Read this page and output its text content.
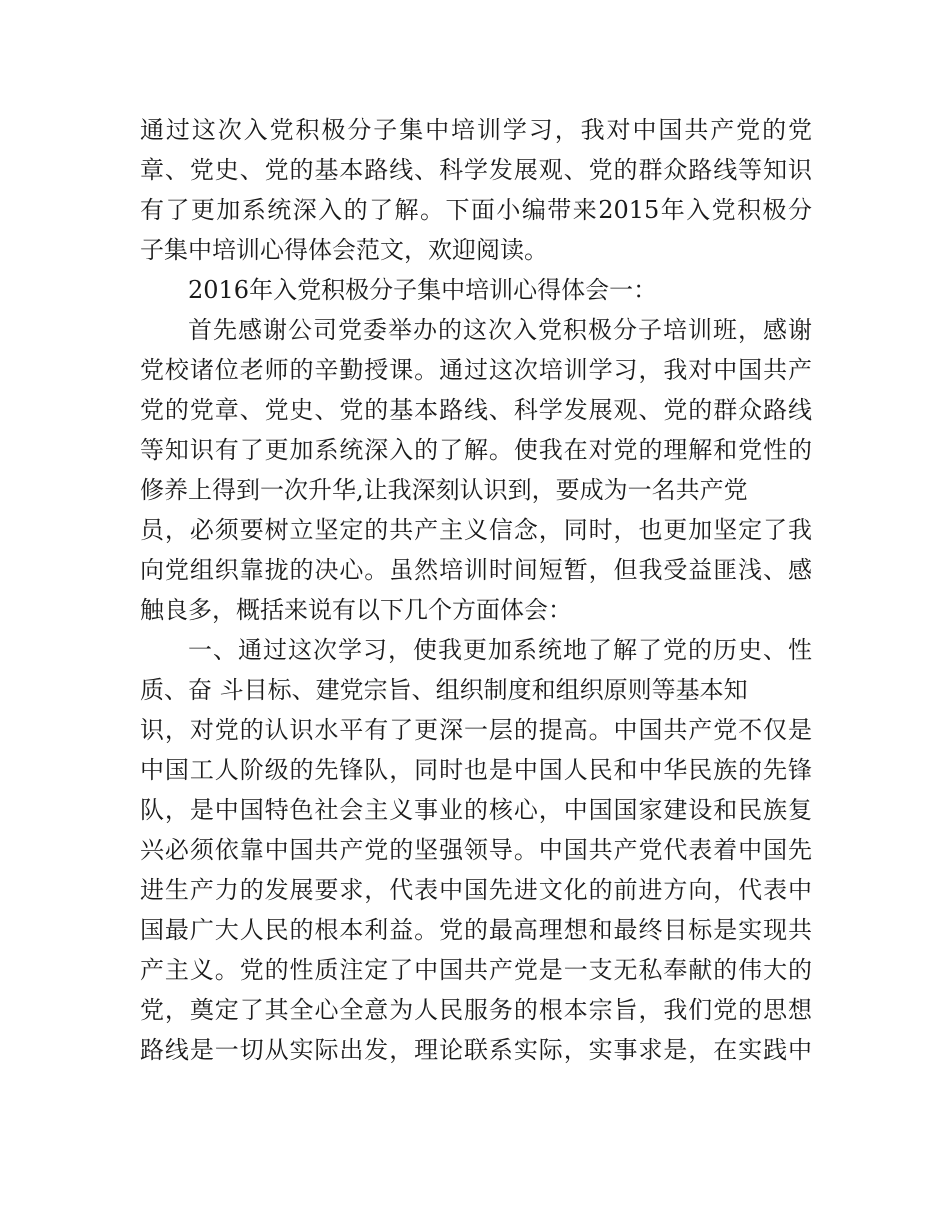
通过这次入党积极分子集中培训学习，我对中国共产党的党
章、党史、党的基本路线、科学发展观、党的群众路线等知识
有了更加系统深入的了解。下面小编带来2015年入党积极分
子集中培训心得体会范文，欢迎阅读。
2016年入党积极分子集中培训心得体会一：
首先感谢公司党委举办的这次入党积极分子培训班，感谢
党校诸位老师的辛勤授课。通过这次培训学习，我对中国共产
党的党章、党史、党的基本路线、科学发展观、党的群众路线
等知识有了更加系统深入的了解。使我在对党的理解和党性的
修养上得到一次升华,让我深刻认识到，要成为一名共产党
员，必须要树立坚定的共产主义信念，同时，也更加坚定了我
向党组织靠拢的决心。虽然培训时间短暂，但我受益匪浅、感
触良多，概括来说有以下几个方面体会：
一、通过这次学习，使我更加系统地了解了党的历史、性
质、奋 斗目标、建党宗旨、组织制度和组织原则等基本知
识，对党的认识水平有了更深一层的提高。中国共产党不仅是
中国工人阶级的先锋队，同时也是中国人民和中华民族的先锋
队，是中国特色社会主义事业的核心，中国国家建设和民族复
兴必须依靠中国共产党的坚强领导。中国共产党代表着中国先
进生产力的发展要求，代表中国先进文化的前进方向，代表中
国最广大人民的根本利益。党的最高理想和最终目标是实现共
产主义。党的性质注定了中国共产党是一支无私奉献的伟大的
党，奠定了其全心全意为人民服务的根本宗旨，我们党的思想
路线是一切从实际出发，理论联系实际，实事求是，在实践中
